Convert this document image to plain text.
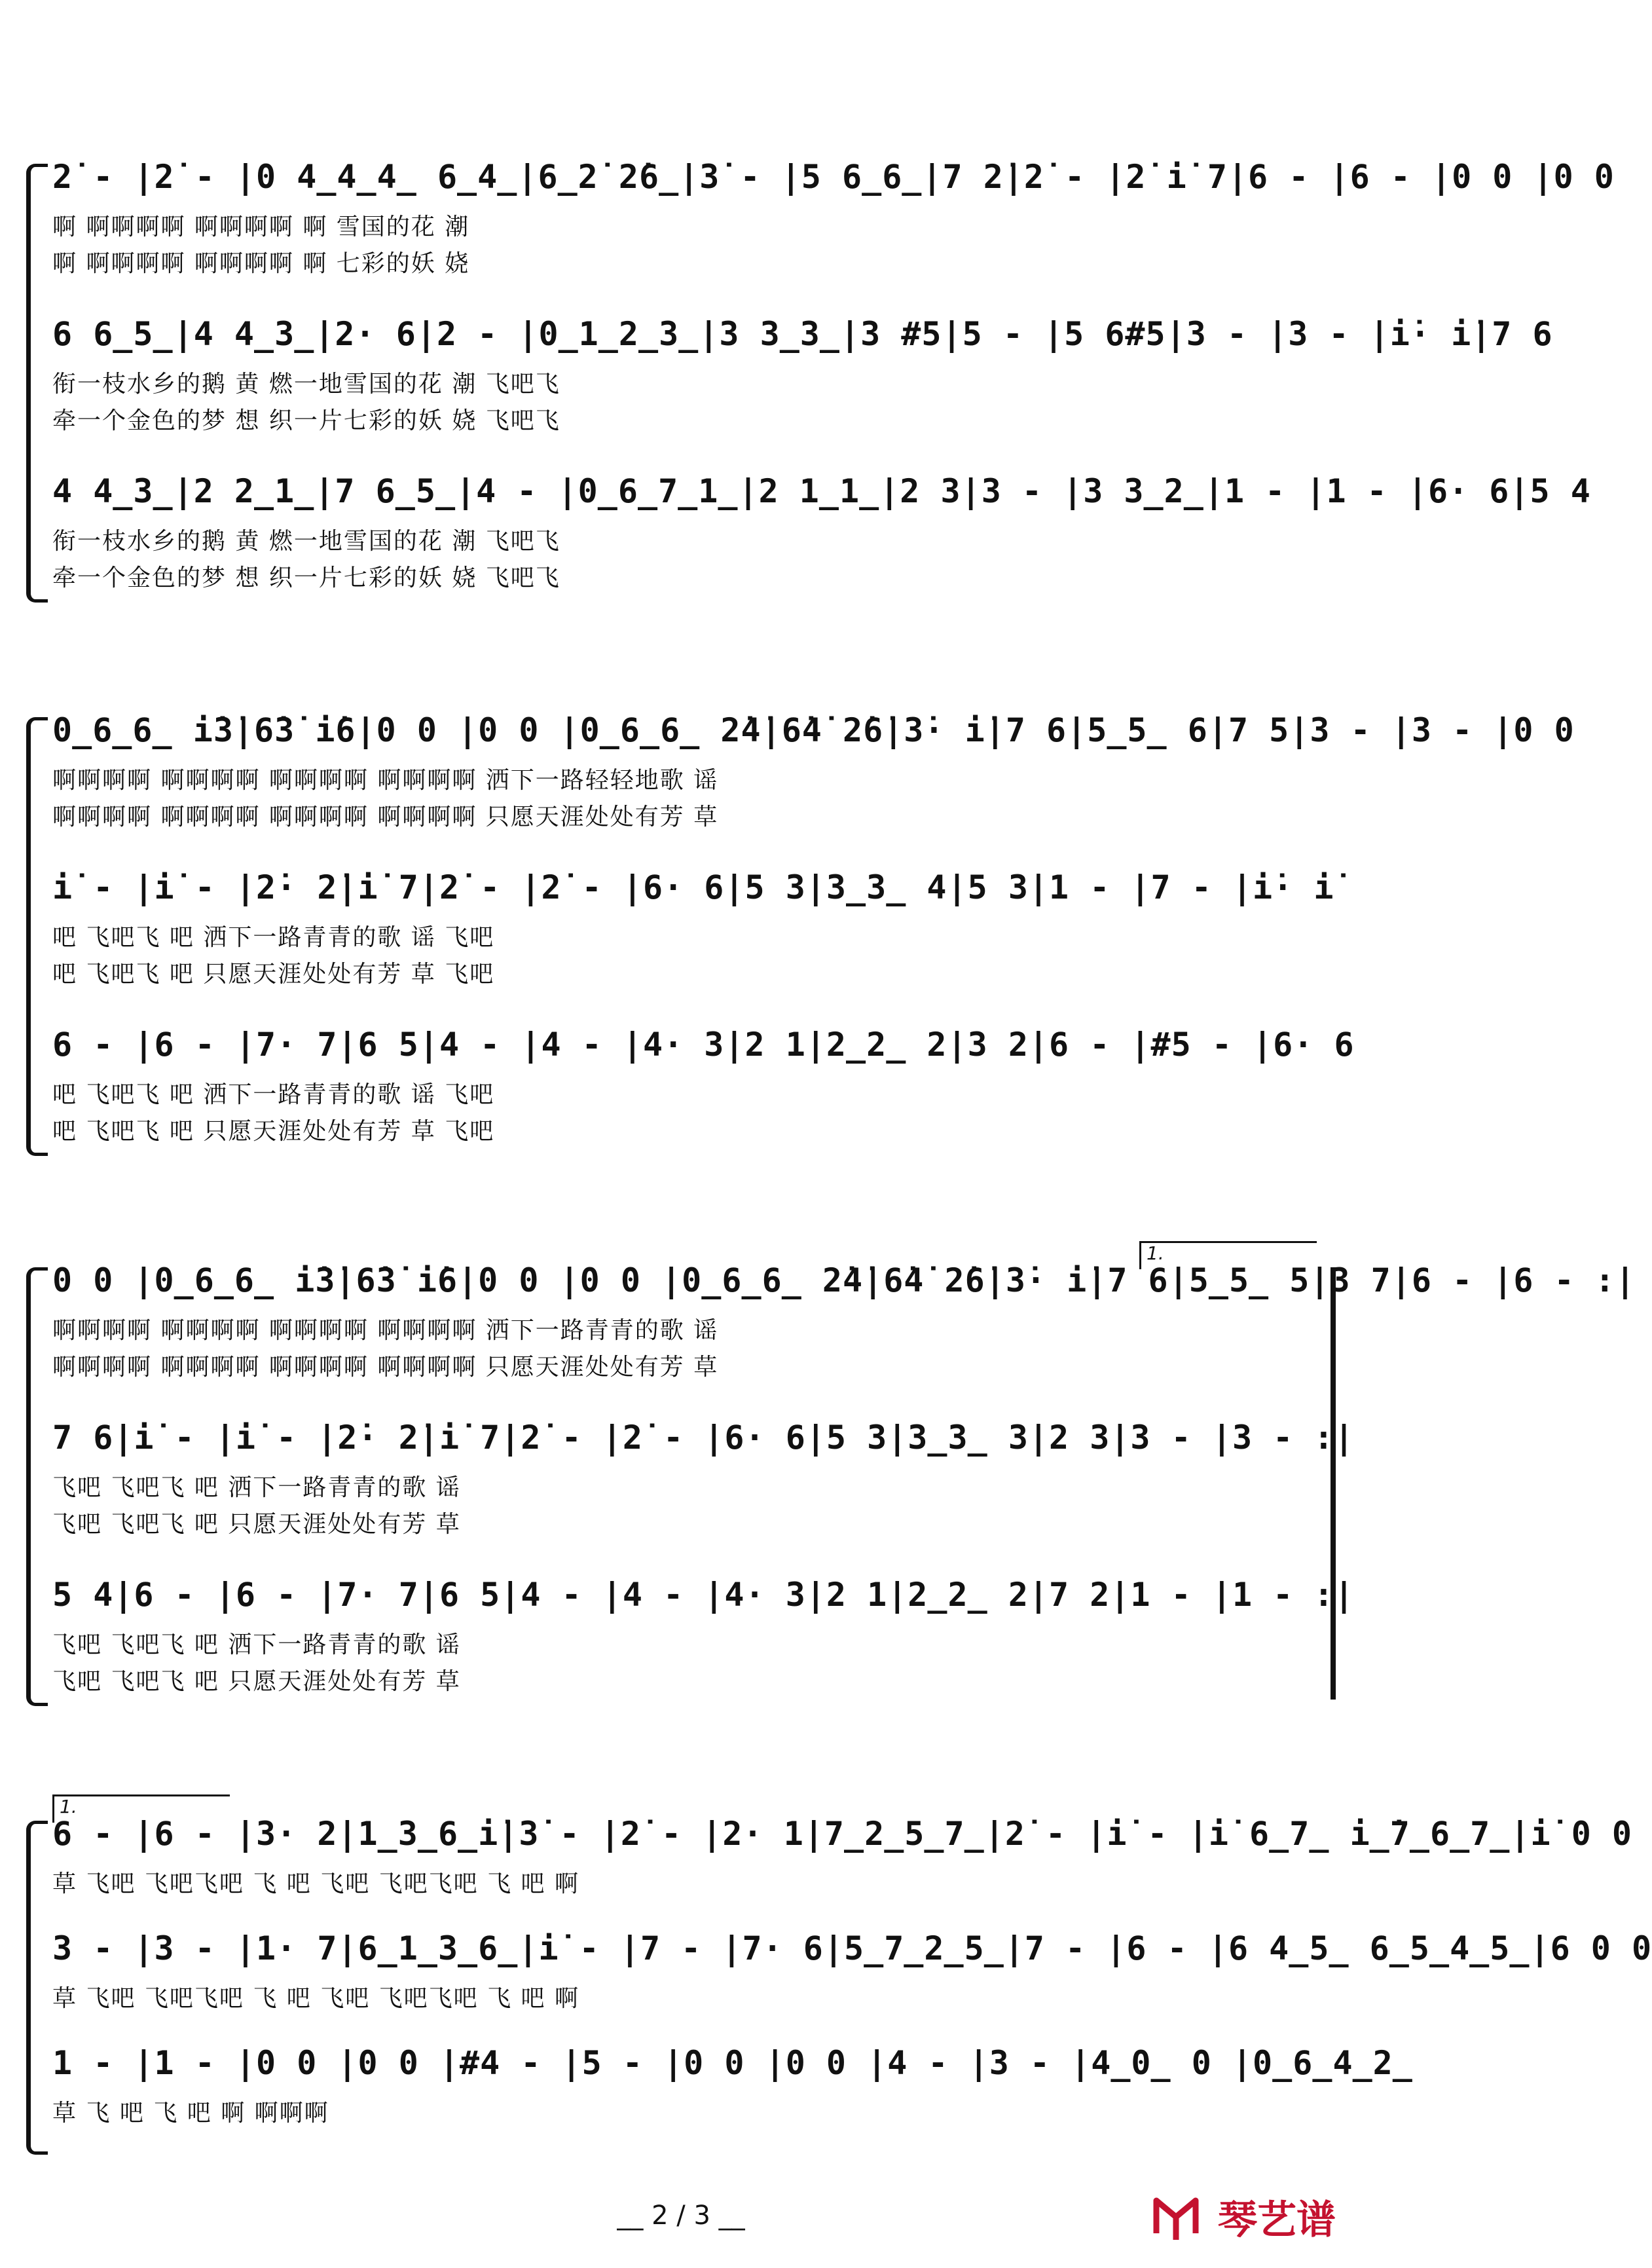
2̇ - |2̇ - |0 4̲4̲4̲ 6̲4̲|6̲2̇ 2̇6̲|3̇ - |5 6̲6̲|7 2̇|2̇ - |2̇ i̇ 7|6 - |6 - |0 0 |0 0
啊 啊啊啊啊 啊啊啊啊 啊 雪国的花 潮
啊 啊啊啊啊 啊啊啊啊 啊 七彩的妖 娆
6 6̲5̲|4 4̲3̲|2· 6|2 - |0̲1̲2̲3̲|3 3̲3̲|3 #5|5 - |5 6#5|3 - |3 - |i̇· i̇|7 6
衔一枝水乡的鹅 黄 燃一地雪国的花 潮 飞吧飞
牵一个金色的梦 想 织一片七彩的妖 娆 飞吧飞
4 4̲3̲|2 2̲1̲|7 6̲5̲|4 - |0̲6̲7̲1̲|2 1̲1̲|2 3|3 - |3 3̲2̲|1 - |1 - |6· 6|5 4
衔一枝水乡的鹅 黄 燃一地雪国的花 潮 飞吧飞
牵一个金色的梦 想 织一片七彩的妖 娆 飞吧飞
0̲6̲6̲ i̇3̇|6̇3̇ i̇6|0 0 |0 0 |0̲6̲6̲ 2̇4̇|6̇4̇ 2̇6̇|3̇· i̇|7 6|5̲5̲ 6|7 5|3 - |3 - |0 0
啊啊啊啊 啊啊啊啊 啊啊啊啊 啊啊啊啊 洒下一路轻轻地歌 谣
啊啊啊啊 啊啊啊啊 啊啊啊啊 啊啊啊啊 只愿天涯处处有芳 草
i̇ - |i̇ - |2̇· 2̇|i̇ 7|2̇ - |2̇ - |6· 6|5 3|3̲3̲ 4|5 3|1 - |7 - |i̇· i̇
吧 飞吧飞 吧 洒下一路青青的歌 谣 飞吧
吧 飞吧飞 吧 只愿天涯处处有芳 草 飞吧
6 - |6 - |7· 7|6 5|4 - |4 - |4· 3|2 1|2̲2̲ 2|3 2|6 - |#5 - |6· 6
吧 飞吧飞 吧 洒下一路青青的歌 谣 飞吧
吧 飞吧飞 吧 只愿天涯处处有芳 草 飞吧
1.
0 0 |0̲6̲6̲ i̇3̇|6̇3̇ i̇6|0 0 |0 0 |0̲6̲6̲ 2̇4̇|6̇4̇ 2̇6̇|3̇· i̇|7 6|5̲5̲ 5|3 7|6 - |6 - :|
啊啊啊啊 啊啊啊啊 啊啊啊啊 啊啊啊啊 洒下一路青青的歌 谣
啊啊啊啊 啊啊啊啊 啊啊啊啊 啊啊啊啊 只愿天涯处处有芳 草
7 6|i̇ - |i̇ - |2̇· 2̇|i̇ 7|2̇ - |2̇ - |6· 6|5 3|3̲3̲ 3|2 3|3 - |3 - :|
飞吧 飞吧飞 吧 洒下一路青青的歌 谣
飞吧 飞吧飞 吧 只愿天涯处处有芳 草
5 4|6 - |6 - |7· 7|6 5|4 - |4 - |4· 3|2 1|2̲2̲ 2|7 2|1 - |1 - :|
飞吧 飞吧飞 吧 洒下一路青青的歌 谣
飞吧 飞吧飞 吧 只愿天涯处处有芳 草
1.
6 - |6 - |3· 2|1̲3̲6̲i̇|3̇ - |2̇ - |2· 1|7̲2̲5̲7̲|2̇ - |i̇ - |i̇ 6̲7̲ i̲̇7̲6̲7̲|i̇ 0 0
草 飞吧 飞吧飞吧 飞 吧 飞吧 飞吧飞吧 飞 吧 啊
3 - |3 - |1· 7|6̲1̲3̲6̲|i̇ - |7 - |7· 6|5̲7̲2̲5̲|7 - |6 - |6 4̲5̲ 6̲5̲4̲5̲|6 0 0
草 飞吧 飞吧飞吧 飞 吧 飞吧 飞吧飞吧 飞 吧 啊
1 - |1 - |0 0 |0 0 |#4 - |5 - |0 0 |0 0 |4 - |3 - |4̲0̲ 0 |0̲6̲4̲2̲
草 飞 吧 飞 吧 啊 啊啊啊
__ 2 / 3 __	琴艺谱
